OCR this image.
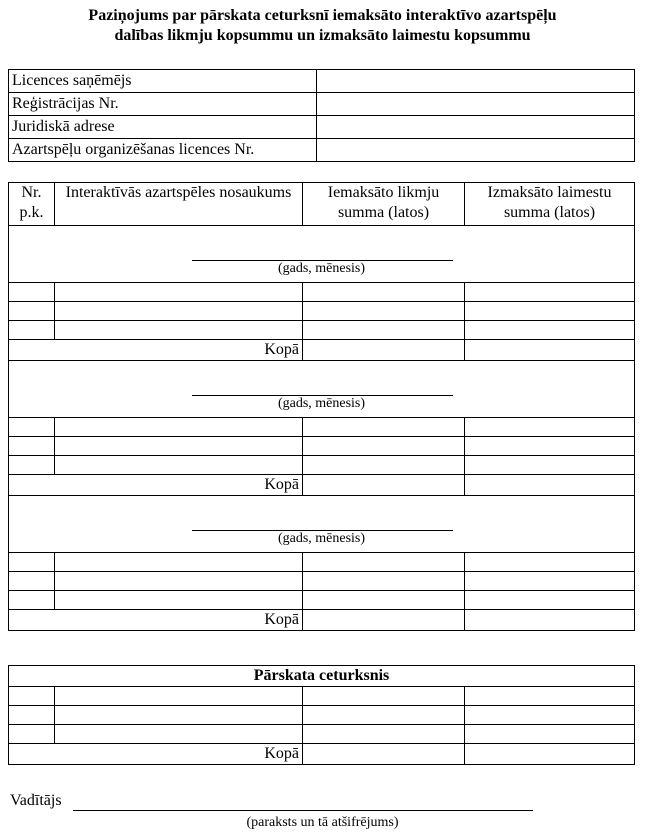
Paziņojums par pārskata ceturksnī iemaksāto interaktīvo azartspēļu
dalības likmju kopsummu un izmaksāto laimestu kopsummu
Licences saņēmējs	
Reģistrācijas Nr.	
Juridiskā adrese	
Azartspēļu organizēšanas licences Nr.	
Nr. p.k.	Interaktīvās azartspēles nosaukums	Iemaksāto likmju summa (latos)	Izmaksāto laimestu summa (latos)

(gads, mēnesis)			

Kopā			

(gads, mēnesis)			

Kopā			

(gads, mēnesis)			

Kopā			
Pārskata ceturksnis			

Kopā			
Vadītājs
(paraksts un tā atšifrējums)
